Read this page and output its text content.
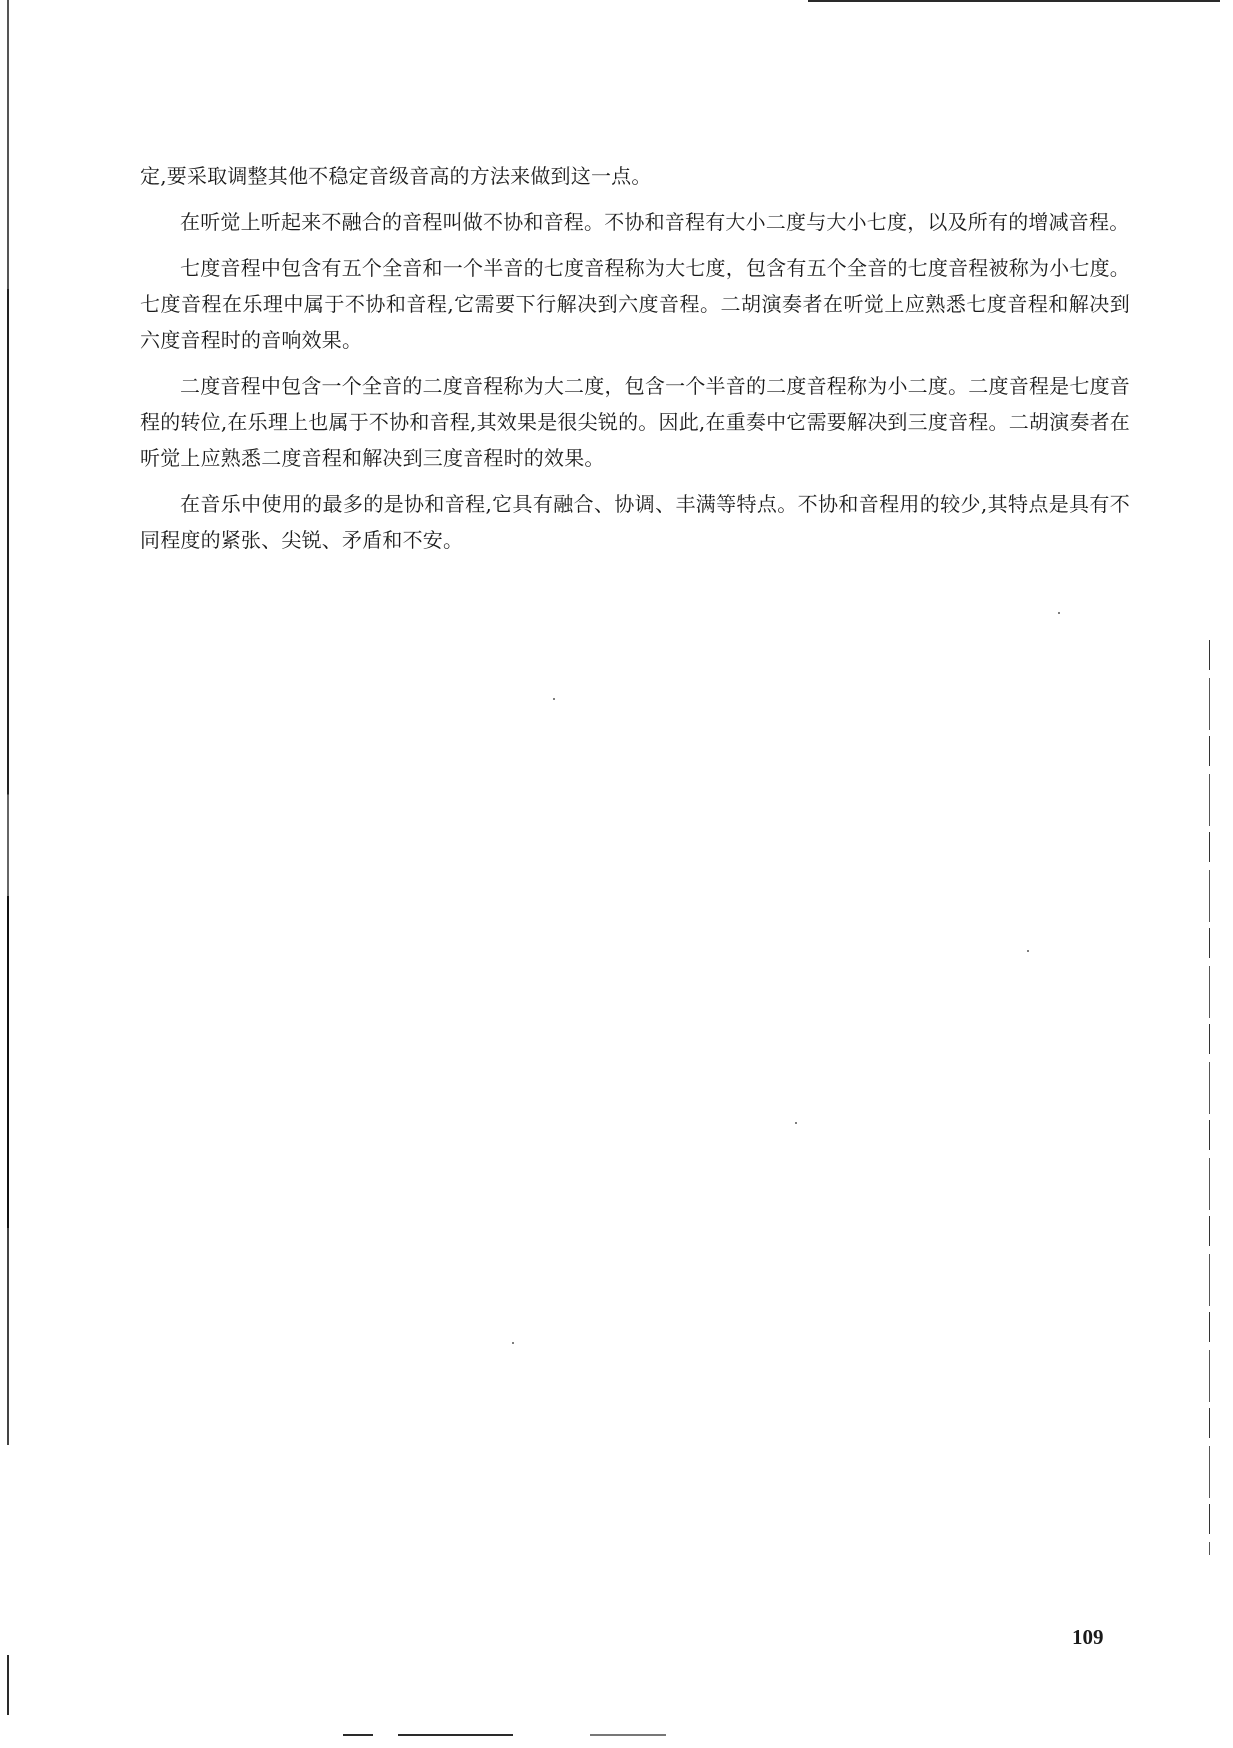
定,要采取调整其他不稳定音级音高的方法来做到这一点。

在听觉上听起来不融合的音程叫做不协和音程。不协和音程有大小二度与大小七度，以及所有的增减音程。

七度音程中包含有五个全音和一个半音的七度音程称为大七度，包含有五个全音的七度音程被称为小七度。七度音程在乐理中属于不协和音程,它需要下行解决到六度音程。二胡演奏者在听觉上应熟悉七度音程和解决到六度音程时的音响效果。

二度音程中包含一个全音的二度音程称为大二度，包含一个半音的二度音程称为小二度。二度音程是七度音程的转位,在乐理上也属于不协和音程,其效果是很尖锐的。因此,在重奏中它需要解决到三度音程。二胡演奏者在听觉上应熟悉二度音程和解决到三度音程时的效果。

在音乐中使用的最多的是协和音程,它具有融合、协调、丰满等特点。不协和音程用的较少,其特点是具有不同程度的紧张、尖锐、矛盾和不安。

109
